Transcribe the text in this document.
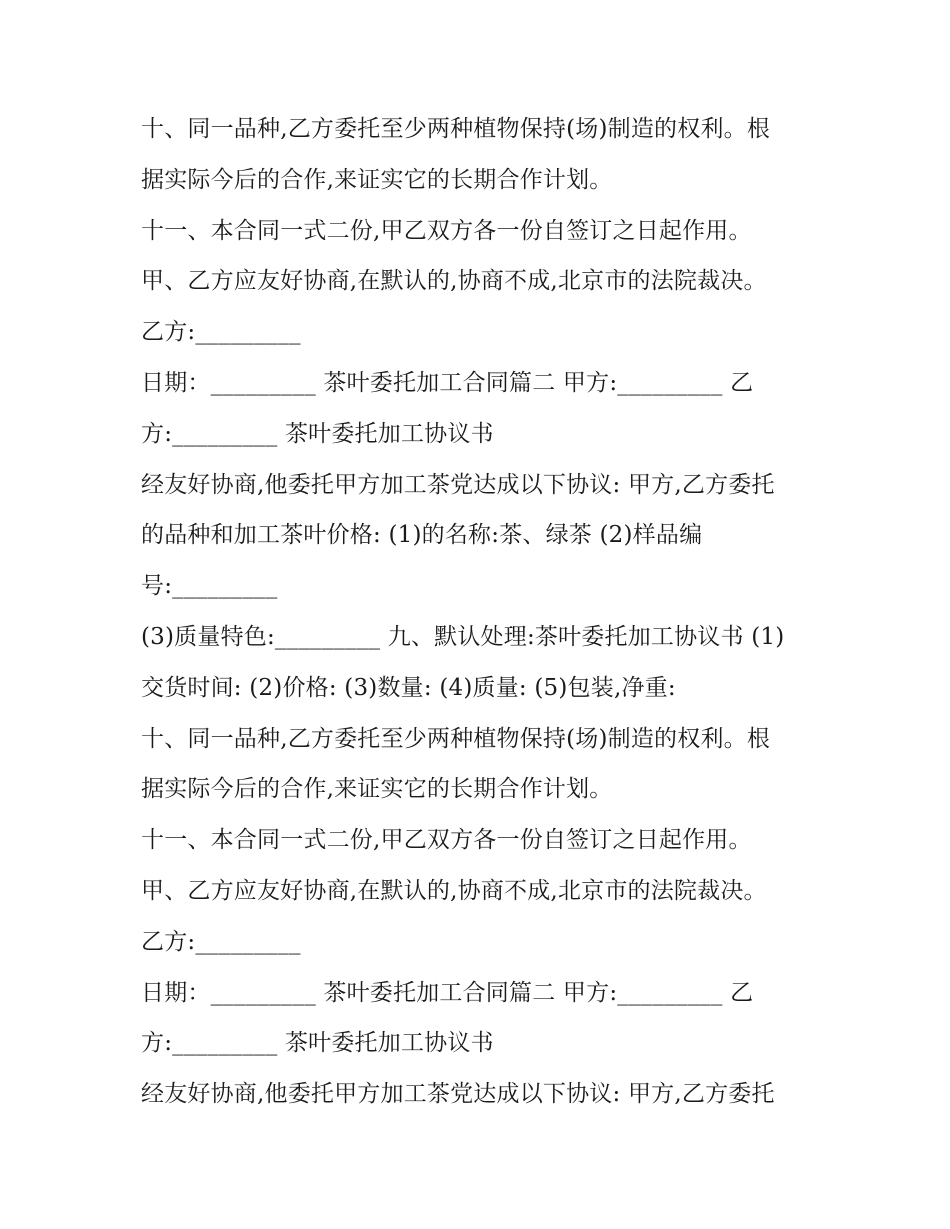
十、同一品种,乙方委托至少两种植物保持(场)制造的权利。根
据实际今后的合作,来证实它的长期合作计划。
十一、本合同一式二份,甲乙双方各一份自签订之日起作用。
甲、乙方应友好协商,在默认的,协商不成,北京市的法院裁决。
乙方:_________
日期：_________ 茶叶委托加工合同篇二 甲方:_________ 乙
方:_________ 茶叶委托加工协议书
经友好协商,他委托甲方加工茶党达成以下协议: 甲方,乙方委托
的品种和加工茶叶价格: (1)的名称:茶、绿茶 (2)样品编
号:_________
(3)质量特色:_________ 九、默认处理:茶叶委托加工协议书 (1)
交货时间: (2)价格: (3)数量: (4)质量: (5)包装,净重:
十、同一品种,乙方委托至少两种植物保持(场)制造的权利。根
据实际今后的合作,来证实它的长期合作计划。
十一、本合同一式二份,甲乙双方各一份自签订之日起作用。
甲、乙方应友好协商,在默认的,协商不成,北京市的法院裁决。
乙方:_________
日期：_________ 茶叶委托加工合同篇二 甲方:_________ 乙
方:_________ 茶叶委托加工协议书
经友好协商,他委托甲方加工茶党达成以下协议: 甲方,乙方委托
